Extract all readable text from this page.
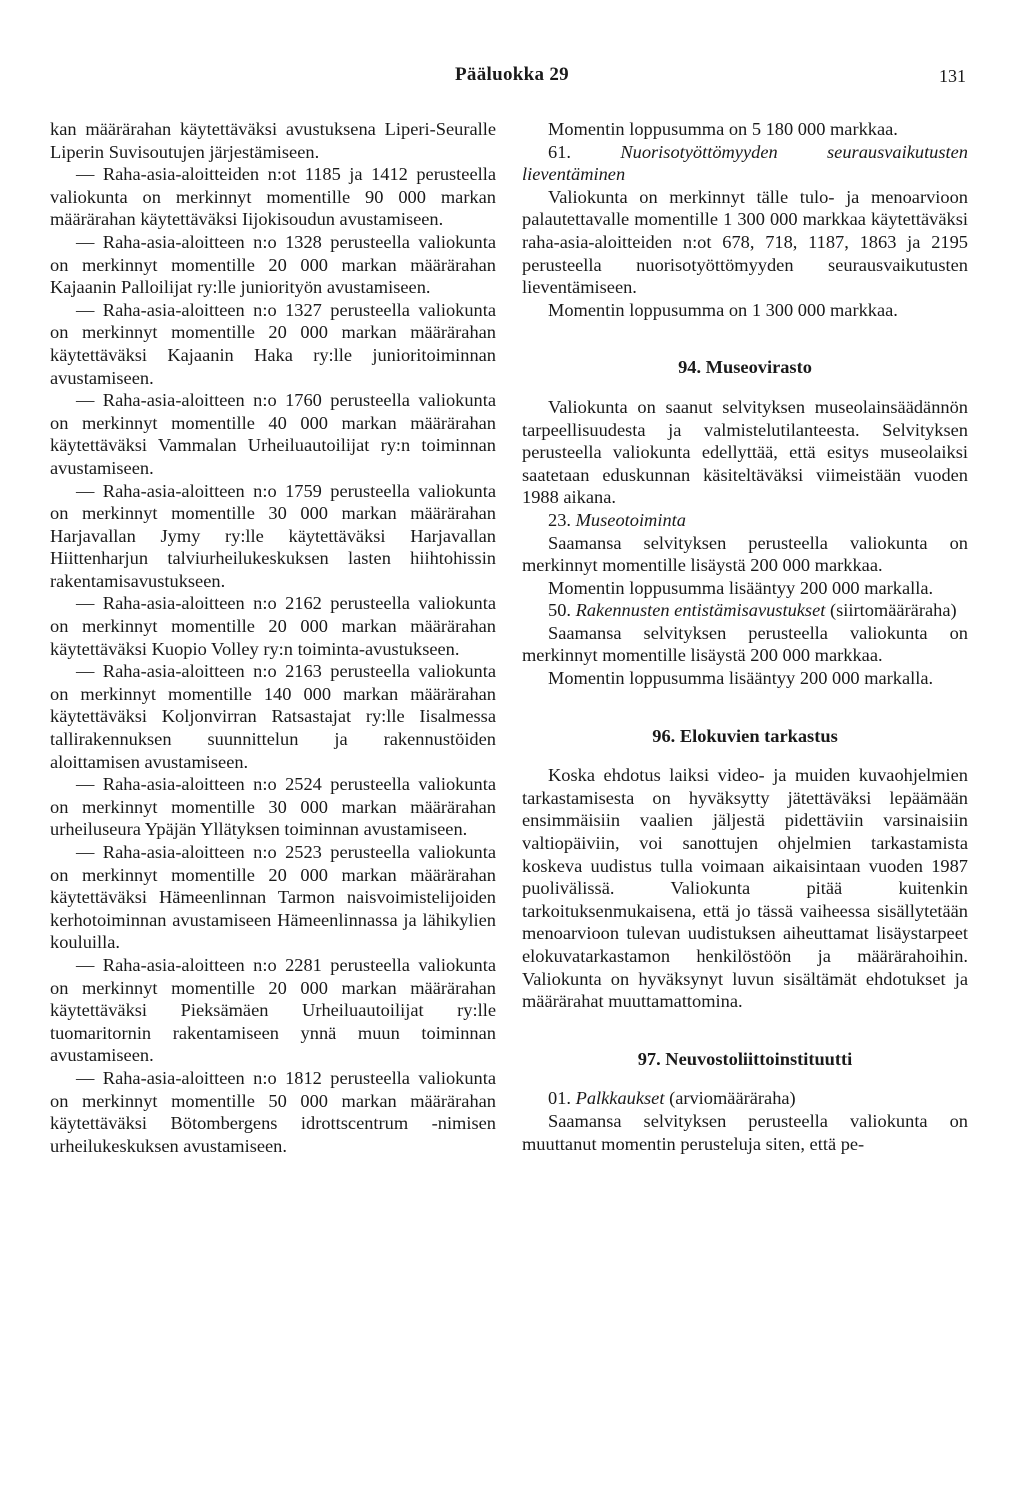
Pääluokka 29	131

kan määrärahan käytettäväksi avustuksena Liperi-Seuralle Liperin Suvisoutujen järjestämiseen.

— Raha-asia-aloitteiden n:ot 1185 ja 1412 perusteella valiokunta on merkinnyt momentille 90 000 markan määrärahan käytettäväksi Iijokisoudun avustamiseen.

— Raha-asia-aloitteen n:o 1328 perusteella valiokunta on merkinnyt momentille 20 000 markan määrärahan Kajaanin Palloilijat ry:lle juniorityön avustamiseen.

— Raha-asia-aloitteen n:o 1327 perusteella valiokunta on merkinnyt momentille 20 000 markan määrärahan käytettäväksi Kajaanin Haka ry:lle junioritoiminnan avustamiseen.

— Raha-asia-aloitteen n:o 1760 perusteella valiokunta on merkinnyt momentille 40 000 markan määrärahan käytettäväksi Vammalan Urheiluautoilijat ry:n toiminnan avustamiseen.

— Raha-asia-aloitteen n:o 1759 perusteella valiokunta on merkinnyt momentille 30 000 markan määrärahan Harjavallan Jymy ry:lle käytettäväksi Harjavallan Hiittenharjun talviurheilukeskuksen lasten hiihtohissin rakentamisavustukseen.

— Raha-asia-aloitteen n:o 2162 perusteella valiokunta on merkinnyt momentille 20 000 markan määrärahan käytettäväksi Kuopio Volley ry:n toiminta-avustukseen.

— Raha-asia-aloitteen n:o 2163 perusteella valiokunta on merkinnyt momentille 140 000 markan määrärahan käytettäväksi Koljonvirran Ratsastajat ry:lle Iisalmessa tallirakennuksen suunnittelun ja rakennustöiden aloittamisen avustamiseen.

— Raha-asia-aloitteen n:o 2524 perusteella valiokunta on merkinnyt momentille 30 000 markan määrärahan urheiluseura Ypäjän Yllätyksen toiminnan avustamiseen.

— Raha-asia-aloitteen n:o 2523 perusteella valiokunta on merkinnyt momentille 20 000 markan määrärahan käytettäväksi Hämeenlinnan Tarmon naisvoimistelijoiden kerhotoiminnan avustamiseen Hämeenlinnassa ja lähikylien kouluilla.

— Raha-asia-aloitteen n:o 2281 perusteella valiokunta on merkinnyt momentille 20 000 markan määrärahan käytettäväksi Pieksämäen Urheiluautoilijat ry:lle tuomaritornin rakentamiseen ynnä muun toiminnan avustamiseen.

— Raha-asia-aloitteen n:o 1812 perusteella valiokunta on merkinnyt momentille 50 000 markan määrärahan käytettäväksi Bötombergens idrottscentrum -nimisen urheilukeskuksen avustamiseen.

Momentin loppusumma on 5 180 000 markkaa.

61.	Nuorisotyöttömyyden seurausvaikutusten lieventäminen

Valiokunta on merkinnyt tälle tulo- ja menoarvioon palautettavalle momentille 1 300 000 markkaa käytettäväksi raha-asia-aloitteiden n:ot 678, 718, 1187, 1863 ja 2195 perusteella nuorisotyöttömyyden seurausvaikutusten lieventämiseen.

Momentin loppusumma on 1 300 000 markkaa.

94. Museovirasto

Valiokunta on saanut selvityksen museolainsäädännön tarpeellisuudesta ja valmistelutilanteesta. Selvityksen perusteella valiokunta edellyttää, että esitys museolaiksi saatetaan eduskunnan käsiteltäväksi viimeistään vuoden 1988 aikana.

23. Museotoiminta

Saamansa selvityksen perusteella valiokunta on merkinnyt momentille lisäystä 200 000 markkaa.

Momentin loppusumma lisääntyy 200 000 markalla.

50. Rakennusten entistämisavustukset (siirtomääräraha)

Saamansa selvityksen perusteella valiokunta on merkinnyt momentille lisäystä 200 000 markkaa.

Momentin loppusumma lisääntyy 200 000 markalla.

96. Elokuvien tarkastus

Koska ehdotus laiksi video- ja muiden kuvaohjelmien tarkastamisesta on hyväksytty jätettäväksi lepäämään ensimmäisiin vaalien jäljestä pidettäviin varsinaisiin valtiopäiviin, voi sanottujen ohjelmien tarkastamista koskeva uudistus tulla voimaan aikaisintaan vuoden 1987 puolivälissä. Valiokunta pitää kuitenkin tarkoituksenmukaisena, että jo tässä vaiheessa sisällytetään menoarvioon tulevan uudistuksen aiheuttamat lisäystarpeet elokuvatarkastamon henkilöstöön ja määrärahoihin. Valiokunta on hyväksynyt luvun sisältämät ehdotukset ja määrärahat muuttamattomina.

97. Neuvostoliittoinstituutti

01. Palkkaukset (arviomääräraha)

Saamansa selvityksen perusteella valiokunta on muuttanut momentin perusteluja siten, että pe-
